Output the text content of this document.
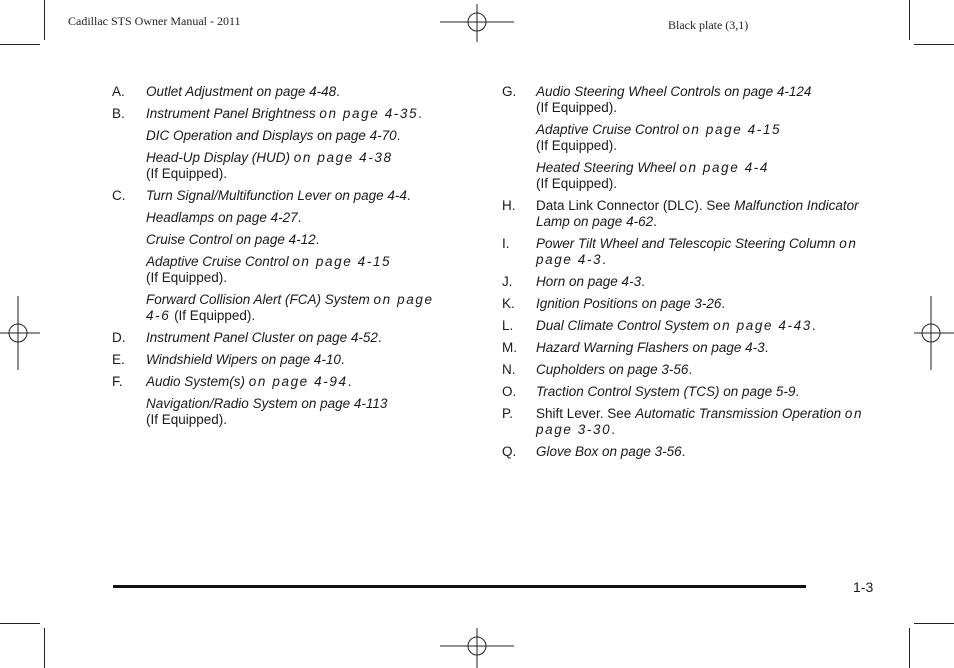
Cadillac STS Owner Manual - 2011	Black plate (3,1)
A.	Outlet Adjustment on page 4-48.
B.	Instrument Panel Brightness on page 4-35.
DIC Operation and Displays on page 4-70.
Head-Up Display (HUD) on page 4-38
(If Equipped).
C.	Turn Signal/Multifunction Lever on page 4-4.
Headlamps on page 4-27.
Cruise Control on page 4-12.
Adaptive Cruise Control on page 4-15
(If Equipped).
Forward Collision Alert (FCA) System on page 4-6 (If Equipped).
D.	Instrument Panel Cluster on page 4-52.
E.	Windshield Wipers on page 4-10.
F.	Audio System(s) on page 4-94.
Navigation/Radio System on page 4-113
(If Equipped).
G.	Audio Steering Wheel Controls on page 4-124
(If Equipped).
Adaptive Cruise Control on page 4-15
(If Equipped).
Heated Steering Wheel on page 4-4
(If Equipped).
H.	Data Link Connector (DLC). See Malfunction Indicator Lamp on page 4-62.
I.	Power Tilt Wheel and Telescopic Steering Column on page 4-3.
J.	Horn on page 4-3.
K.	Ignition Positions on page 3-26.
L.	Dual Climate Control System on page 4-43.
M.	Hazard Warning Flashers on page 4-3.
N.	Cupholders on page 3-56.
O.	Traction Control System (TCS) on page 5-9.
P.	Shift Lever. See Automatic Transmission Operation on page 3-30.
Q.	Glove Box on page 3-56.
1-3
